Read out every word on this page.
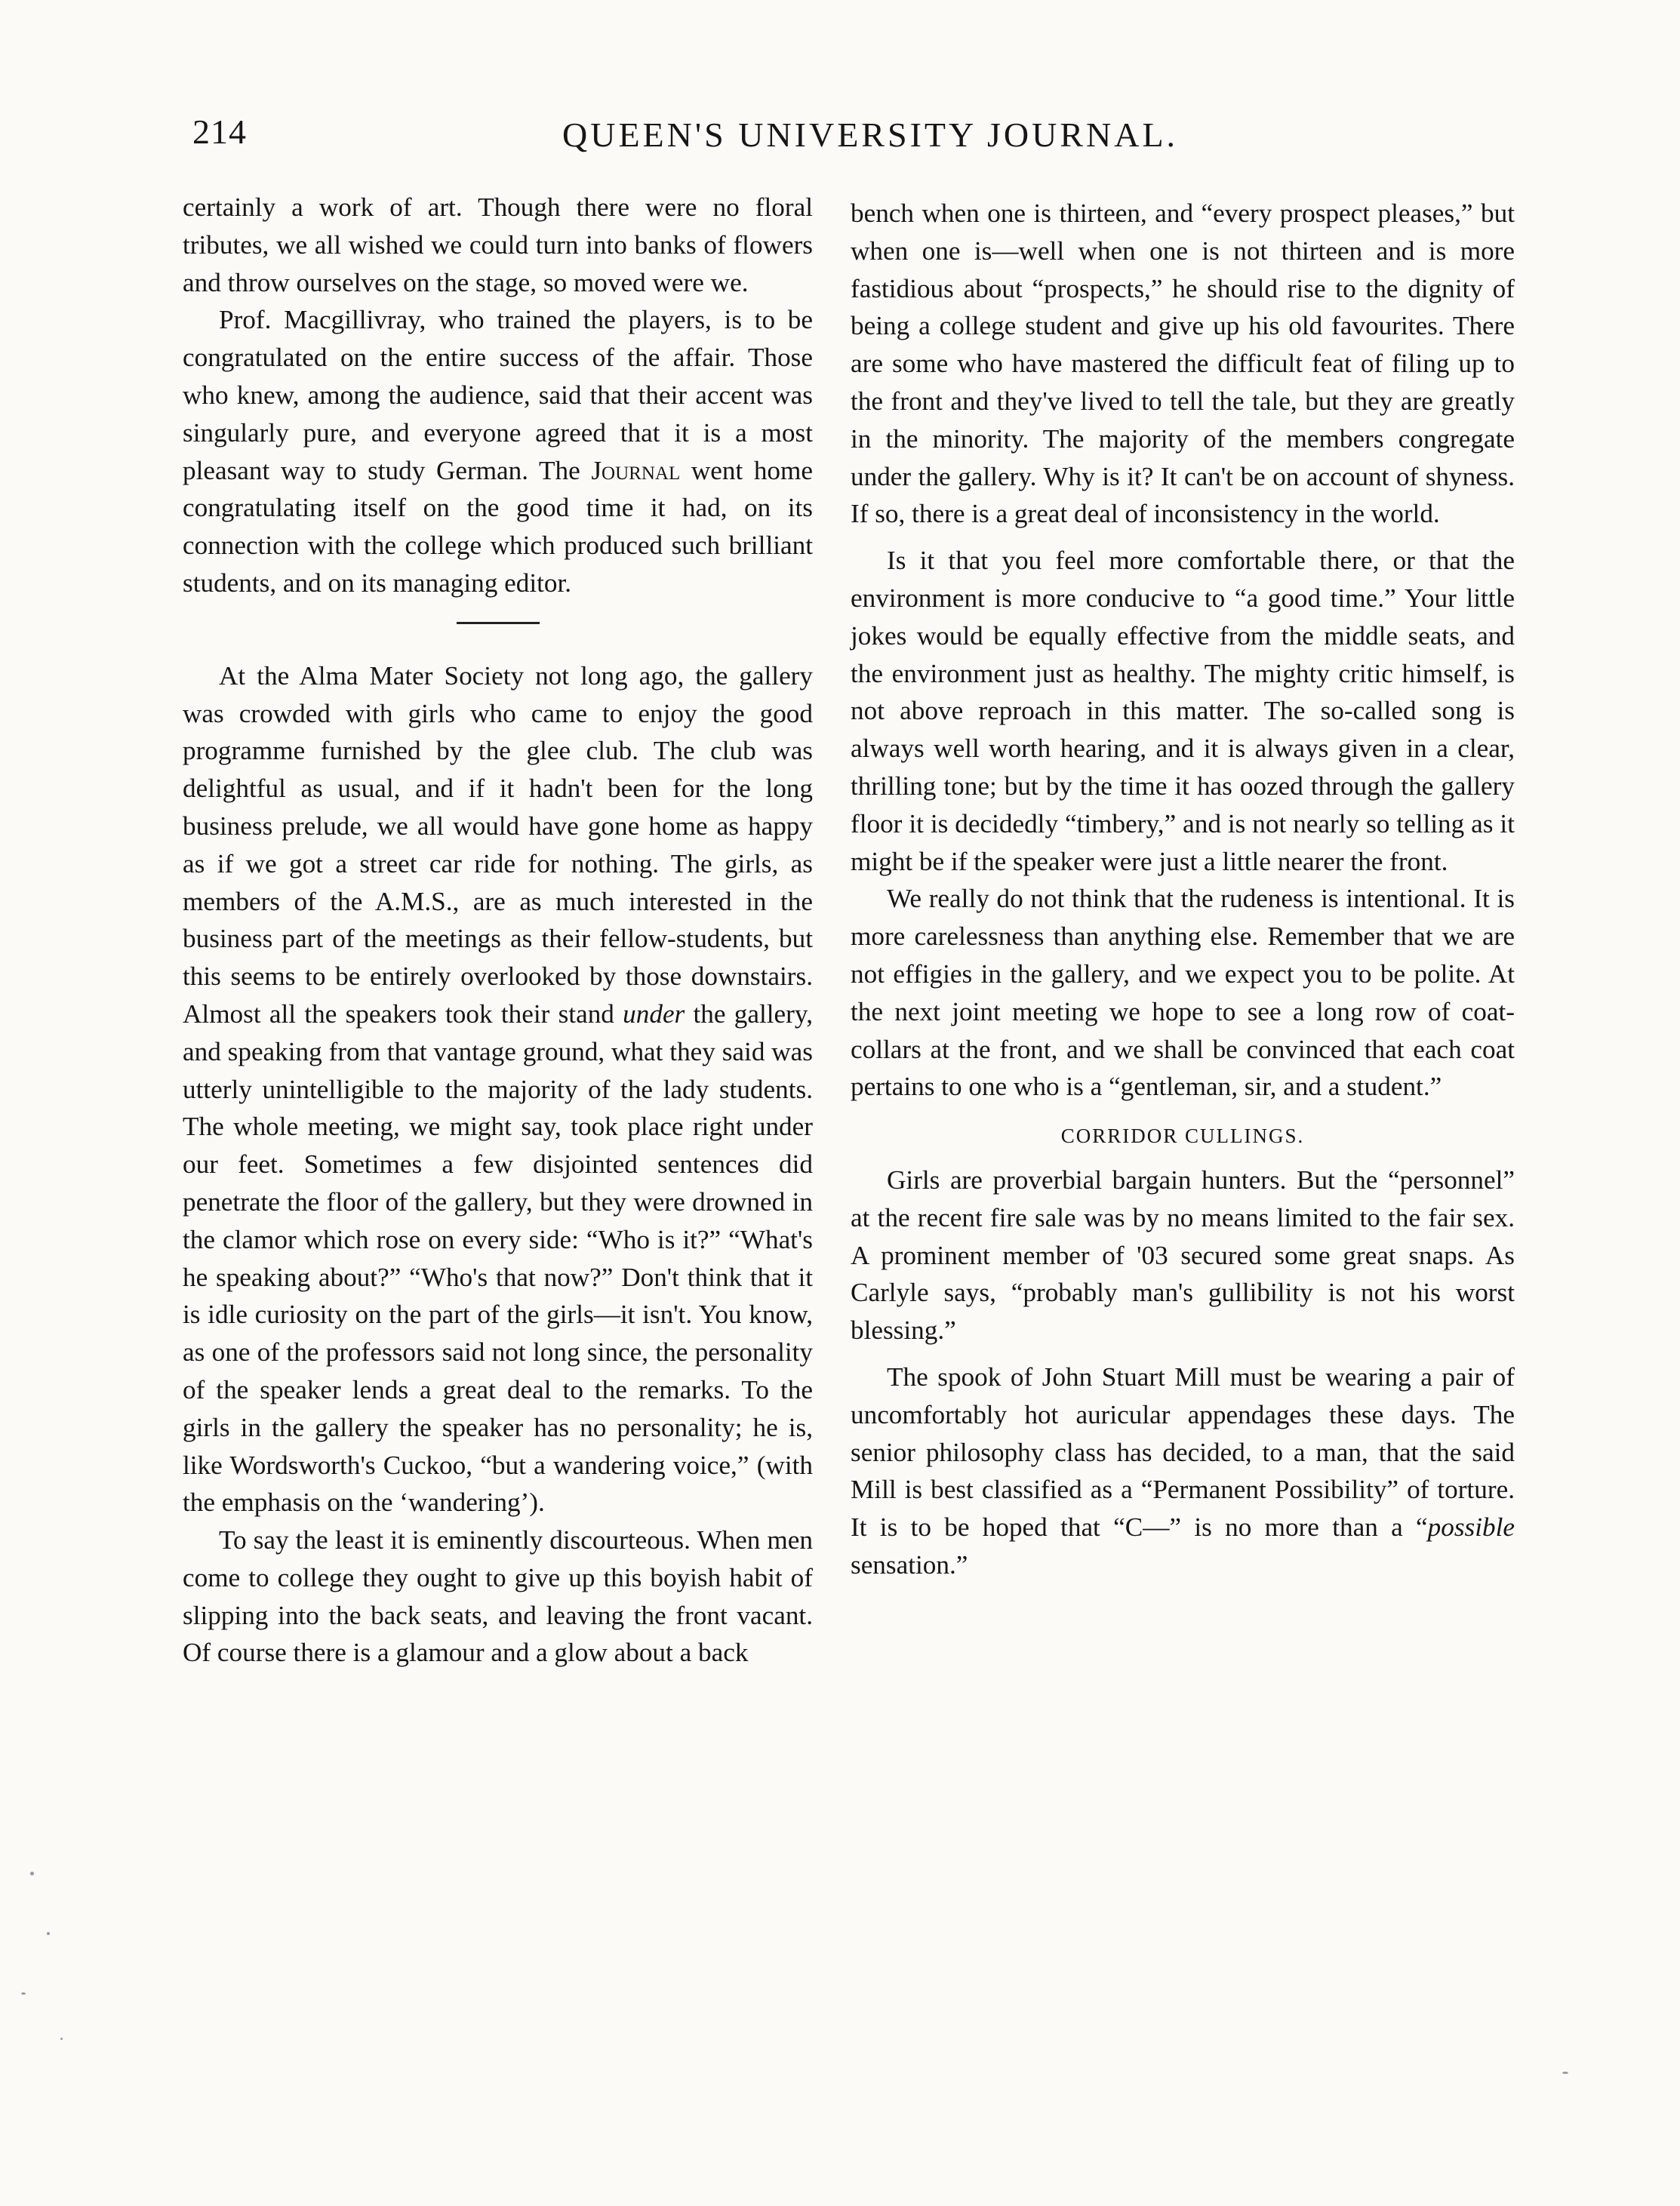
214	QUEEN'S UNIVERSITY JOURNAL.

certainly a work of art. Though there were no floral tributes, we all wished we could turn into banks of flowers and throw ourselves on the stage, so moved were we.

Prof. Macgillivray, who trained the players, is to be congratulated on the entire success of the affair. Those who knew, among the audience, said that their accent was singularly pure, and everyone agreed that it is a most pleasant way to study German. The Journal went home congratulating itself on the good time it had, on its connection with the college which produced such brilliant students, and on its managing editor.

At the Alma Mater Society not long ago, the gallery was crowded with girls who came to enjoy the good programme furnished by the glee club. The club was delightful as usual, and if it hadn't been for the long business prelude, we all would have gone home as happy as if we got a street car ride for nothing. The girls, as members of the A.M.S., are as much interested in the business part of the meetings as their fellow-students, but this seems to be entirely overlooked by those downstairs. Almost all the speakers took their stand under the gallery, and speaking from that vantage ground, what they said was utterly unintelligible to the majority of the lady students. The whole meeting, we might say, took place right under our feet. Sometimes a few disjointed sentences did penetrate the floor of the gallery, but they were drowned in the clamor which rose on every side: “Who is it?” “What's he speaking about?” “Who's that now?” Don't think that it is idle curiosity on the part of the girls—it isn't. You know, as one of the professors said not long since, the personality of the speaker lends a great deal to the remarks. To the girls in the gallery the speaker has no personality; he is, like Wordsworth's Cuckoo, “but a wandering voice,” (with the emphasis on the ‘wandering’).

To say the least it is eminently discourteous. When men come to college they ought to give up this boyish habit of slipping into the back seats, and leaving the front vacant. Of course there is a glamour and a glow about a back

bench when one is thirteen, and “every prospect pleases,” but when one is—well when one is not thirteen and is more fastidious about “prospects,” he should rise to the dignity of being a college student and give up his old favourites. There are some who have mastered the difficult feat of filing up to the front and they've lived to tell the tale, but they are greatly in the minority. The majority of the members congregate under the gallery. Why is it? It can't be on account of shyness. If so, there is a great deal of inconsistency in the world.

Is it that you feel more comfortable there, or that the environment is more conducive to “a good time.” Your little jokes would be equally effective from the middle seats, and the environment just as healthy. The mighty critic himself, is not above reproach in this matter. The so-called song is always well worth hearing, and it is always given in a clear, thrilling tone; but by the time it has oozed through the gallery floor it is decidedly “timbery,” and is not nearly so telling as it might be if the speaker were just a little nearer the front.

We really do not think that the rudeness is intentional. It is more carelessness than anything else. Remember that we are not effigies in the gallery, and we expect you to be polite. At the next joint meeting we hope to see a long row of coat-collars at the front, and we shall be convinced that each coat pertains to one who is a “gentleman, sir, and a student.”

CORRIDOR CULLINGS.

Girls are proverbial bargain hunters. But the “personnel” at the recent fire sale was by no means limited to the fair sex. A prominent member of '03 secured some great snaps. As Carlyle says, “probably man's gullibility is not his worst blessing.”

The spook of John Stuart Mill must be wearing a pair of uncomfortably hot auricular appendages these days. The senior philosophy class has decided, to a man, that the said Mill is best classified as a “Permanent Possibility” of torture. It is to be hoped that “C—” is no more than a “possible sensation.”
